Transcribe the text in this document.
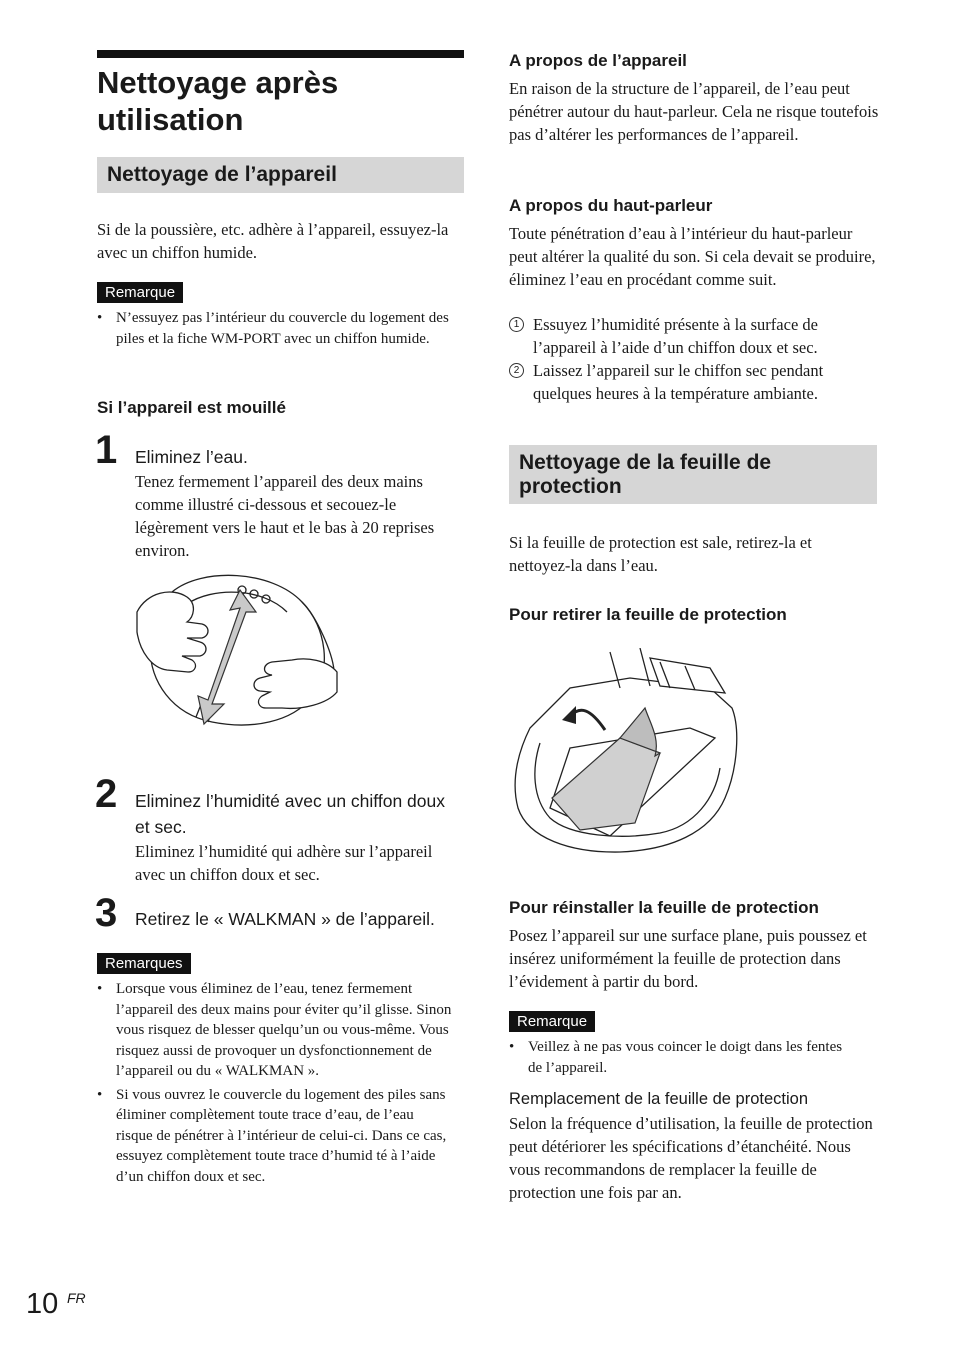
Nettoyage après utilisation
Nettoyage de l’appareil
Si de la poussière, etc. adhère à l’appareil, essuyez-la avec un chiffon humide.
Remarque
• N’essuyez pas l’intérieur du couvercle du logement des piles et la fiche WM-PORT avec un chiffon humide.
Si l’appareil est mouillé
1 Eliminez l’eau.
Tenez fermement l’appareil des deux mains comme illustré ci-dessous et secouez-le légèrement vers le haut et le bas à 20 reprises environ.
2 Eliminez l’humidité avec un chiffon doux et sec.
Eliminez l’humidité qui adhère sur l’appareil avec un chiffon doux et sec.
3 Retirez le « WALKMAN » de l’appareil.
Remarques
• Lorsque vous éliminez de l’eau, tenez fermement l’appareil des deux mains pour éviter qu’il glisse. Sinon vous risquez de blesser quelqu’un ou vous-même. Vous risquez aussi de provoquer un dysfonctionnement de l’appareil ou du « WALKMAN ».
• Si vous ouvrez le couvercle du logement des piles sans éliminer complètement toute trace d’eau, de l’eau risque de pénétrer à l’intérieur de celui-ci. Dans ce cas, essuyez complètement toute trace d’humid té à l’aide d’un chiffon doux et sec.
A propos de l’appareil
En raison de la structure de l’appareil, de l’eau peut pénétrer autour du haut-parleur. Cela ne risque toutefois pas d’altérer les performances de l’appareil.
A propos du haut-parleur
Toute pénétration d’eau à l’intérieur du haut-parleur peut altérer la qualité du son. Si cela devait se produire, éliminez l’eau en procédant comme suit.
1 Essuyez l’humidité présente à la surface de l’appareil à l’aide d’un chiffon doux et sec.
2 Laissez l’appareil sur le chiffon sec pendant quelques heures à la température ambiante.
Nettoyage de la feuille de protection
Si la feuille de protection est sale, retirez-la et nettoyez-la dans l’eau.
Pour retirer la feuille de protection
Pour réinstaller la feuille de protection
Posez l’appareil sur une surface plane, puis poussez et insérez uniformément la feuille de protection dans l’évidement à partir du bord.
Remarque
• Veillez à ne pas vous coincer le doigt dans les fentes de l’appareil.
Remplacement de la feuille de protection
Selon la fréquence d’utilisation, la feuille de protection peut détériorer les spécifications d’étanchéité. Nous vous recommandons de remplacer la feuille de protection une fois par an.
10 FR
